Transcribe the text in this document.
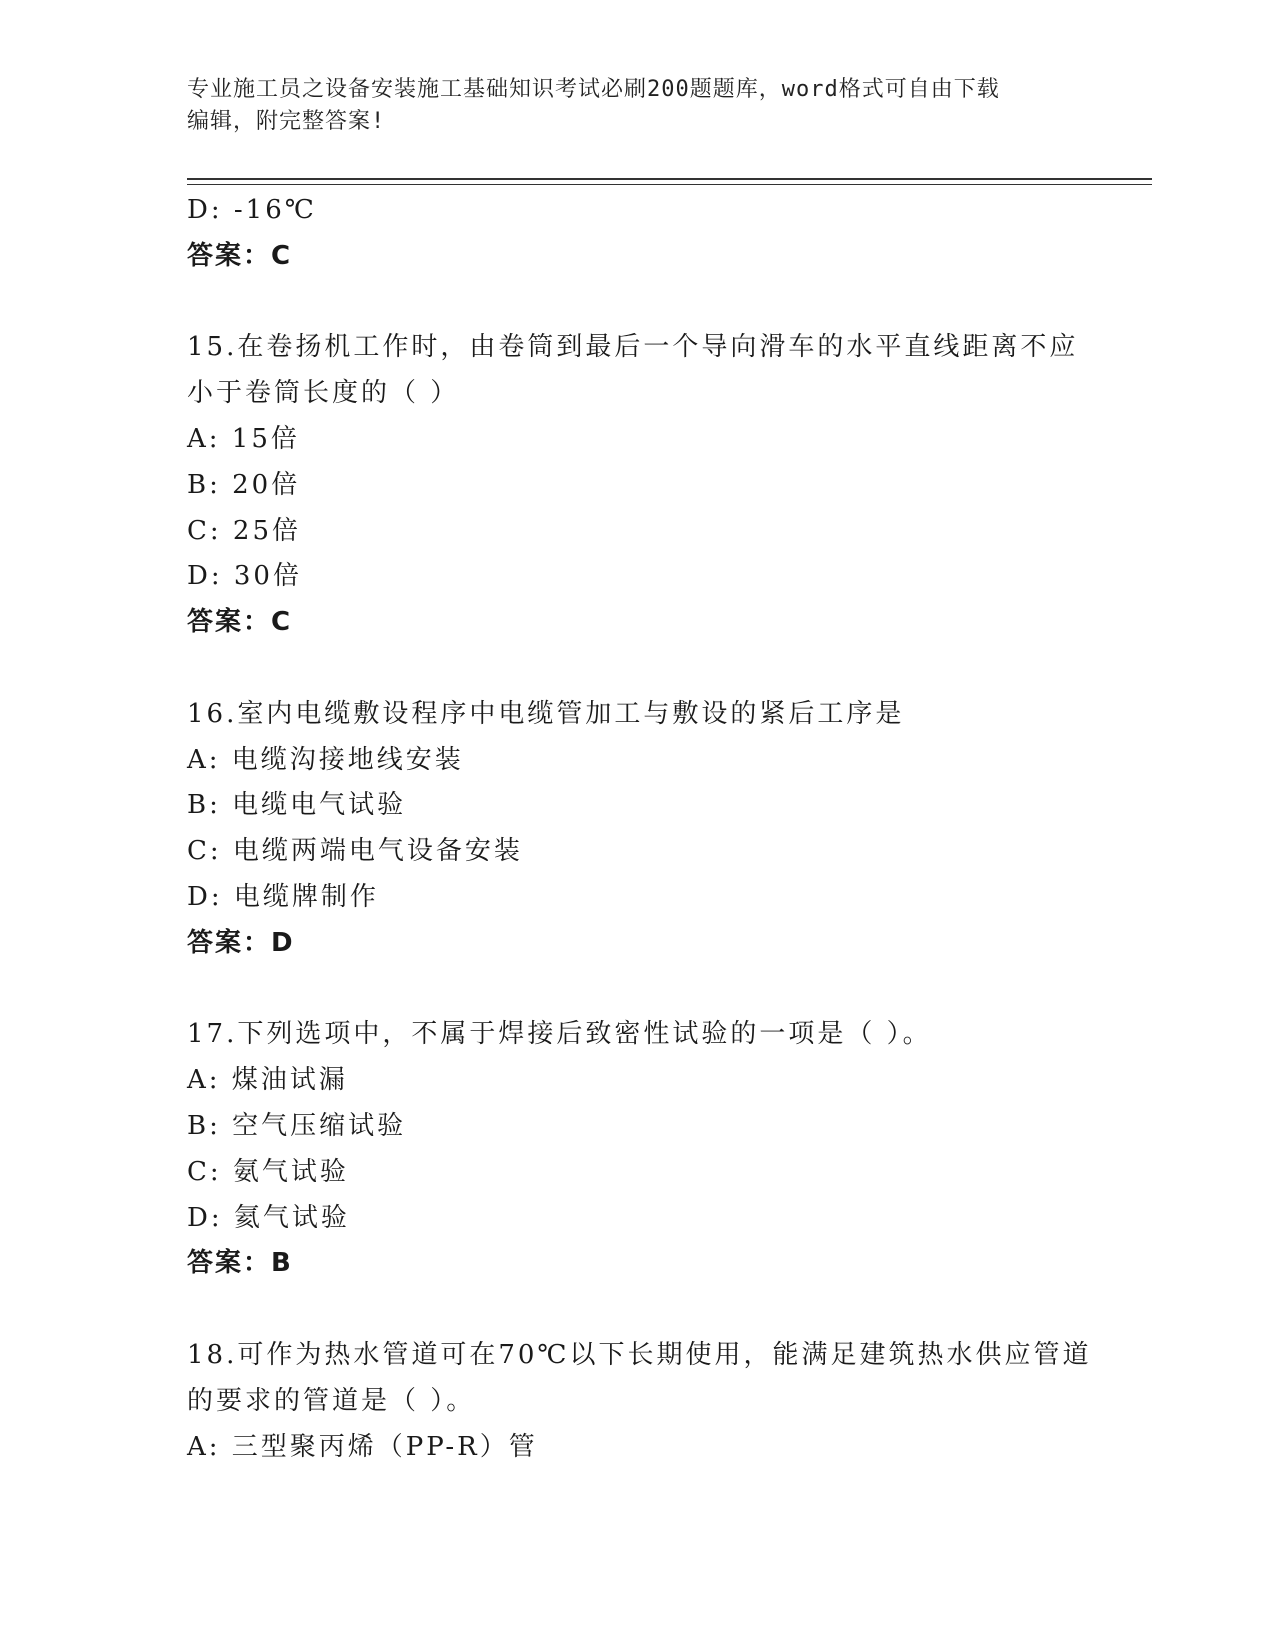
专业施工员之设备安装施工基础知识考试必刷200题题库，word格式可自由下载
编辑，附完整答案!
D: -16℃
答案：C
15.在卷扬机工作时，由卷筒到最后一个导向滑车的水平直线距离不应
小于卷筒长度的（ ）
A: 15倍
B: 20倍
C: 25倍
D: 30倍
答案：C
16.室内电缆敷设程序中电缆管加工与敷设的紧后工序是
A: 电缆沟接地线安装
B: 电缆电气试验
C: 电缆两端电气设备安装
D: 电缆牌制作
答案：D
17.下列选项中，不属于焊接后致密性试验的一项是（ ）。
A: 煤油试漏
B: 空气压缩试验
C: 氨气试验
D: 氦气试验
答案：B
18.可作为热水管道可在70℃以下长期使用，能满足建筑热水供应管道
的要求的管道是（ ）。
A: 三型聚丙烯（PP-R）管
